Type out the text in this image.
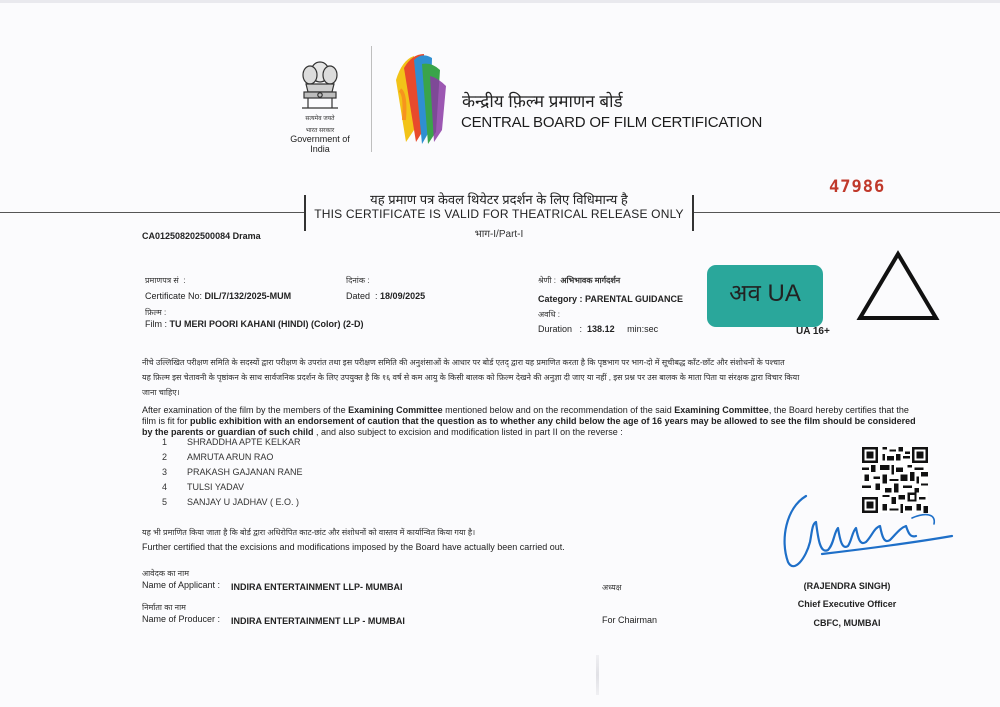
सत्यमेव जयते
भारत सरकार
Government of India
केन्द्रीय फ़िल्म प्रमाणन बोर्ड
CENTRAL BOARD OF FILM CERTIFICATION
47986
यह प्रमाण पत्र केवल थियेटर प्रदर्शन के लिए विधिमान्य है
THIS CERTIFICATE IS VALID FOR THEATRICAL RELEASE ONLY
भाग-I/Part-I
CA012508202500084 Drama
प्रमाणपत्र सं  :
Certificate No: DIL/7/132/2025-MUM
फ़िल्म :
Film : TU MERI POORI KAHANI (HINDI) (Color) (2-D)
दिनांक :
Dated  : 18/09/2025
श्रेणी : अभिभावक मार्गदर्शन
Category : PARENTAL GUIDANCE
अवधि :
Duration   :  138.12 min:sec
अव UA
UA 16+
नीचे उल्लिखित परीक्षण समिति के सदस्यों द्वारा परीक्षण के उपरांत तथा इस परीक्षण समिति की अनुशंसाओं के आधार पर बोर्ड एतद् द्वारा यह प्रमाणित करता है कि पृष्ठभाग पर भाग-दो में सूचीबद्ध काँट-छाँट और संशोधनों के पश्चात
यह फ़िल्म इस चेतावनी के पृष्ठांकन के साथ सार्वजनिक प्रदर्शन के लिए उपयुक्त है कि १६ वर्ष से कम आयु के किसी बालक को फ़िल्म देखने की अनुज्ञा दी जाए या नहीं , इस प्रश्न पर उस बालक के माता पिता या संरक्षक द्वारा विचार किया
जाना चाहिए।
After examination of the film by the members of the Examining Committee mentioned below and on the recommendation of the said Examining Committee, the Board hereby certifies that the film is fit for public exhibition with an endorsement of caution that the question as to whether any child below the age of 16 years may be allowed to see the film should be considered by the parents or guardian of such child , and also subject to excision and modification listed in part II on the reverse :
1	SHRADDHA APTE KELKAR
2	AMRUTA ARUN RAO
3	PRAKASH GAJANAN RANE
4	TULSI YADAV
5	SANJAY U JADHAV ( E.O. )
यह भी प्रमाणित किया जाता है कि बोर्ड द्वारा अधिरोपित काट-छांट और संशोधनों को वास्तव में कार्यान्वित किया गया है।
Further certified that the excisions and modifications imposed by the Board have actually been carried out.
आवेदक का नाम
Name of Applicant : INDIRA ENTERTAINMENT LLP- MUMBAI
निर्माता का नाम
Name of Producer : INDIRA ENTERTAINMENT LLP - MUMBAI
अध्यक्ष
For Chairman
(RAJENDRA SINGH)
Chief Executive Officer
CBFC, MUMBAI
